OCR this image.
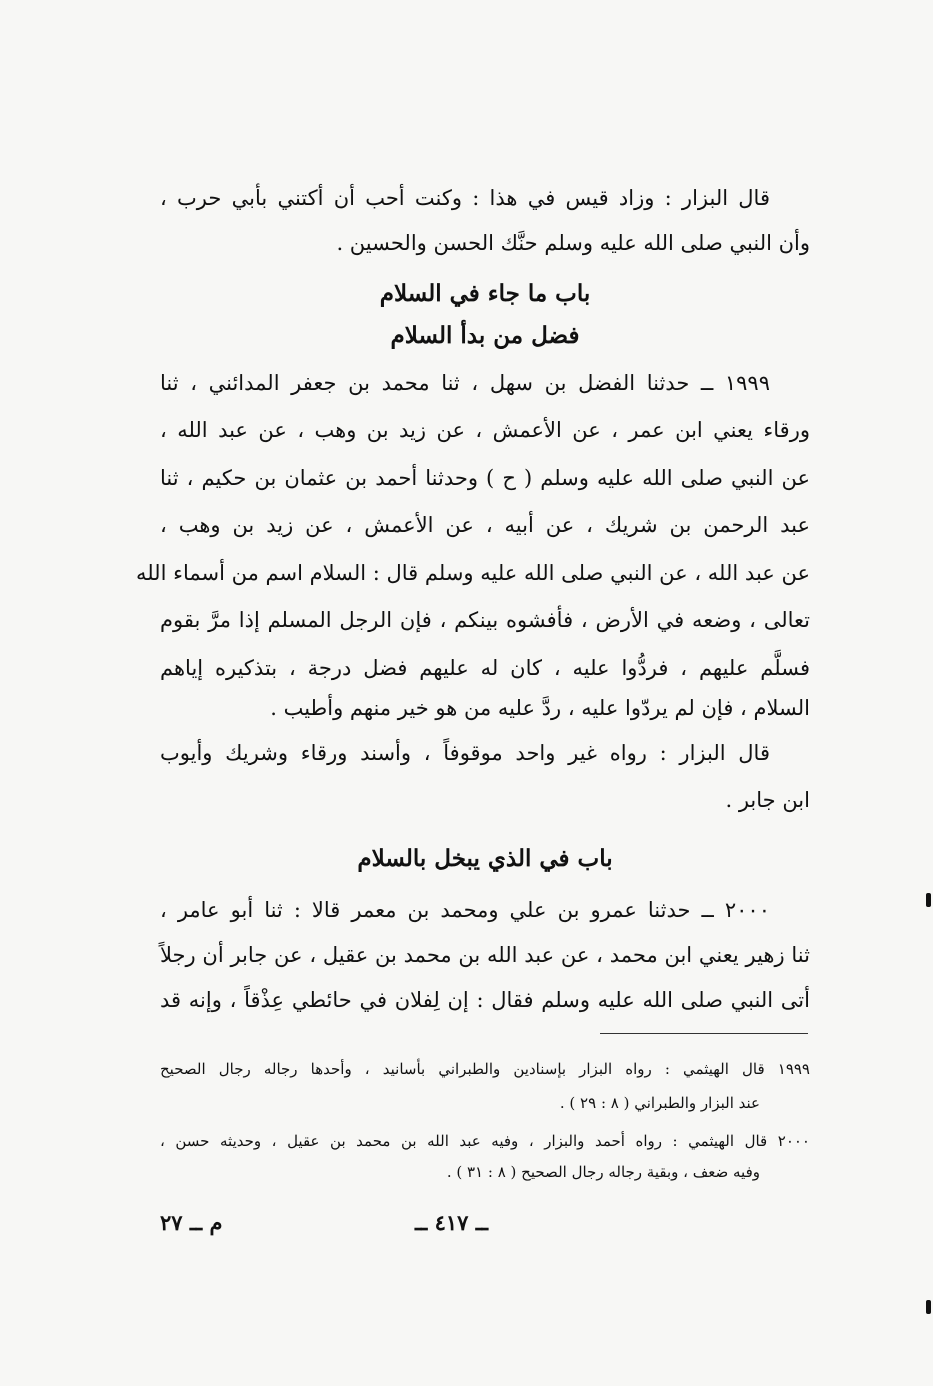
قال البزار : وزاد قيس في هذا : وكنت أحب أن أكتني بأبي حرب ،
وأن النبي صلى الله عليه وسلم حنَّك الحسن والحسين .
باب ما جاء في السلام
فضل من بدأ السلام
١٩٩٩ ــ حدثنا الفضل بن سهل ، ثنا محمد بن جعفر المدائني ، ثنا
ورقاء يعني ابن عمر ، عن الأعمش ، عن زيد بن وهب ، عن عبد الله ،
عن النبي صلى الله عليه وسلم ( ح ) وحدثنا أحمد بن عثمان بن حكيم ، ثنا
عبد الرحمن بن شريك ، عن أبيه ، عن الأعمش ، عن زيد بن وهب ،
عن عبد الله ، عن النبي صلى الله عليه وسلم قال : السلام اسم من أسماء الله
تعالى ، وضعه في الأرض ، فأفشوه بينكم ، فإن الرجل المسلم إذا مرَّ بقوم
فسلَّم عليهم ، فردُّوا عليه ، كان له عليهم فضل درجة ، بتذكيره إياهم
السلام ، فإن لم يردّوا عليه ، ردَّ عليه من هو خير منهم وأطيب .
قال البزار : رواه غير واحد موقوفاً ، وأسند ورقاء وشريك وأيوب
ابن جابر .
باب في الذي يبخل بالسلام
٢٠٠٠ ــ حدثنا عمرو بن علي ومحمد بن معمر قالا : ثنا أبو عامر ،
ثنا زهير يعني ابن محمد ، عن عبد الله بن محمد بن عقيل ، عن جابر أن رجلاً
أتى النبي صلى الله عليه وسلم فقال : إن لِفلان في حائطي عِذْقاً ، وإنه قد
١٩٩٩ قال الهيثمي : رواه البزار بإسنادين والطبراني بأسانيد ، وأحدها رجاله رجال الصحيح
عند البزار والطبراني ( ٨ : ٢٩ ) .
٢٠٠٠ قال الهيثمي : رواه أحمد والبزار ، وفيه عبد الله بن محمد بن عقيل ، وحديثه حسن ،
وفيه ضعف ، وبقية رجاله رجال الصحيح ( ٨ : ٣١ ) .
ــ ٤١٧ ــ
م ــ ٢٧
